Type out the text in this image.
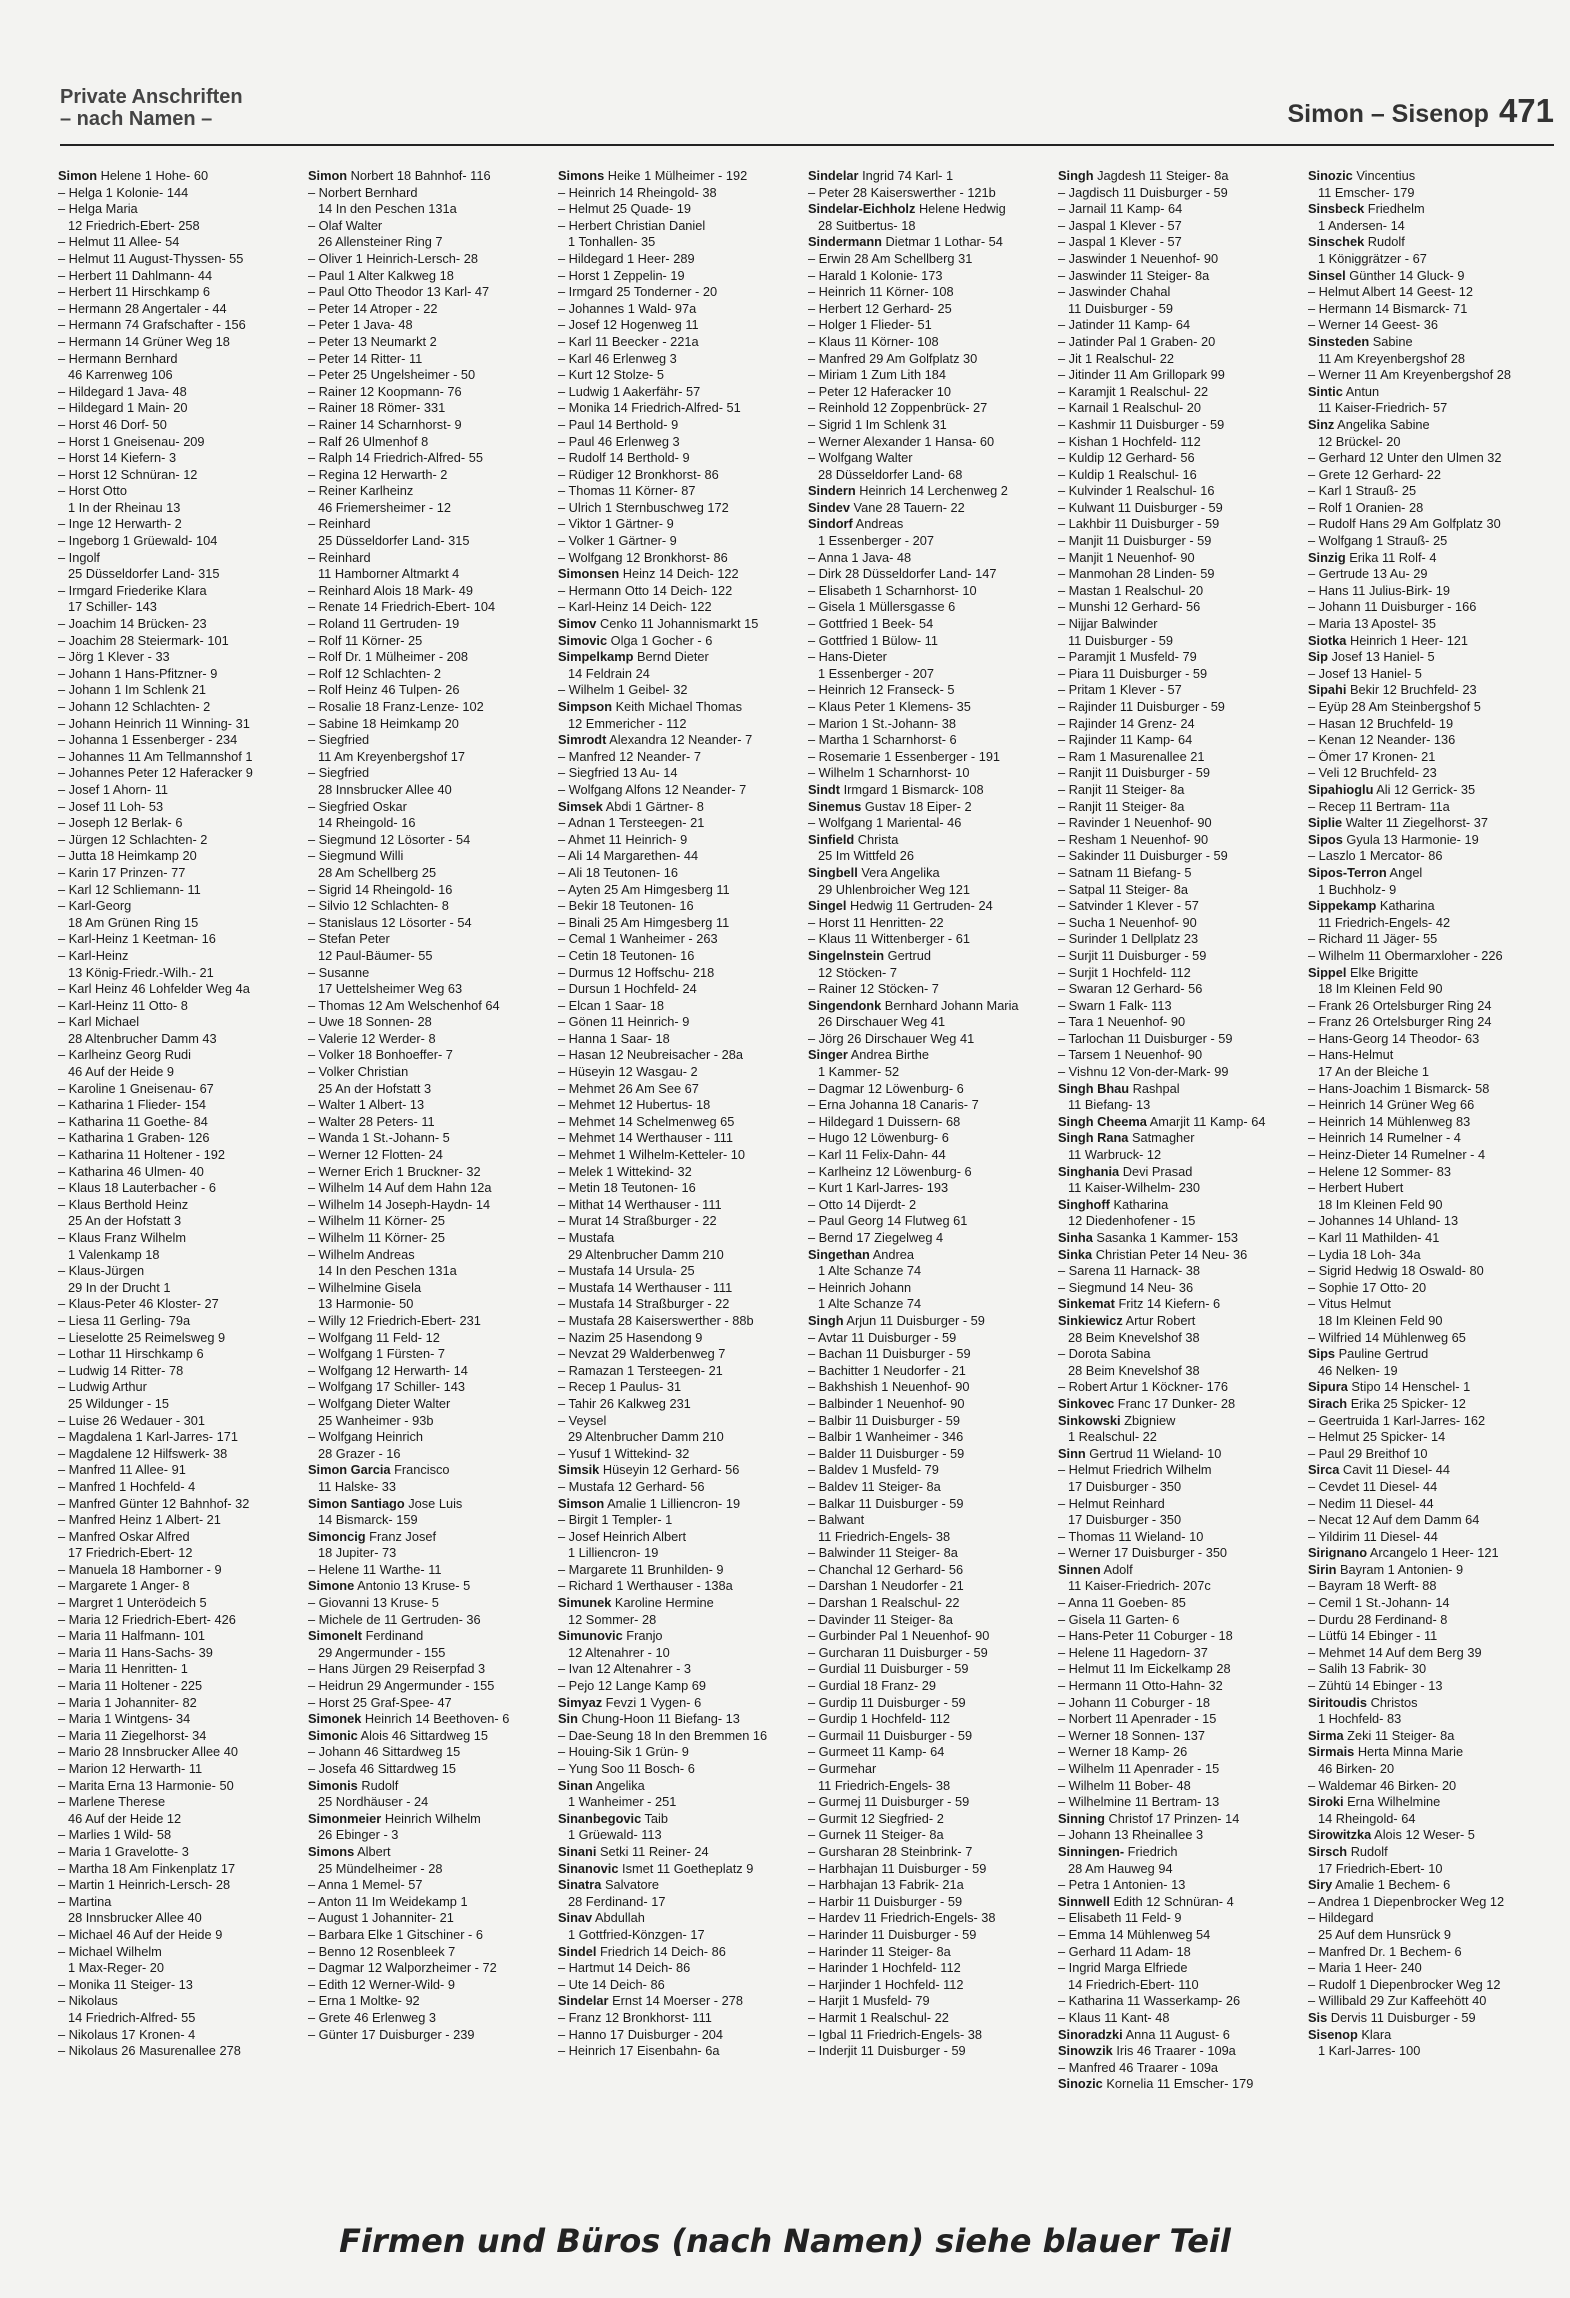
Private Anschriften
– nach Namen –	Simon – Sisenop 471
Simon Helene 1 Hohe- 60
– Helga 1 Kolonie- 144
– Helga Maria
12 Friedrich-Ebert- 258
– Helmut 11 Allee- 54
– Helmut 11 August-Thyssen- 55
– Herbert 11 Dahlmann- 44
– Herbert 11 Hirschkamp 6
– Hermann 28 Angertaler - 44
– Hermann 74 Grafschafter - 156
– Hermann 14 Grüner Weg 18
– Hermann Bernhard
46 Karrenweg 106
– Hildegard 1 Java- 48
– Hildegard 1 Main- 20
– Horst 46 Dorf- 50
– Horst 1 Gneisenau- 209
– Horst 14 Kiefern- 3
– Horst 12 Schnüran- 12
– Horst Otto
1 In der Rheinau 13
– Inge 12 Herwarth- 2
– Ingeborg 1 Grüewald- 104
– Ingolf
25 Düsseldorfer Land- 315
– Irmgard Friederike Klara
17 Schiller- 143
– Joachim 14 Brücken- 23
– Joachim 28 Steiermark- 101
– Jörg 1 Klever - 33
– Johann 1 Hans-Pfitzner- 9
– Johann 1 Im Schlenk 21
– Johann 12 Schlachten- 2
– Johann Heinrich 11 Winning- 31
– Johanna 1 Essenberger - 234
– Johannes 11 Am Tellmannshof 1
– Johannes Peter 12 Haferacker 9
– Josef 1 Ahorn- 11
– Josef 11 Loh- 53
– Joseph 12 Berlak- 6
– Jürgen 12 Schlachten- 2
– Jutta 18 Heimkamp 20
– Karin 17 Prinzen- 77
– Karl 12 Schliemann- 11
– Karl-Georg
18 Am Grünen Ring 15
– Karl-Heinz 1 Keetman- 16
– Karl-Heinz
13 König-Friedr.-Wilh.- 21
– Karl Heinz 46 Lohfelder Weg 4a
– Karl-Heinz 11 Otto- 8
– Karl Michael
28 Altenbrucher Damm 43
– Karlheinz Georg Rudi
46 Auf der Heide 9
– Karoline 1 Gneisenau- 67
– Katharina 1 Flieder- 154
– Katharina 11 Goethe- 84
– Katharina 1 Graben- 126
– Katharina 11 Holtener - 192
– Katharina 46 Ulmen- 40
– Klaus 18 Lauterbacher - 6
– Klaus Berthold Heinz
25 An der Hofstatt 3
– Klaus Franz Wilhelm
1 Valenkamp 18
– Klaus-Jürgen
29 In der Drucht 1
– Klaus-Peter 46 Kloster- 27
– Liesa 11 Gerling- 79a
– Lieselotte 25 Reimelsweg 9
– Lothar 11 Hirschkamp 6
– Ludwig 14 Ritter- 78
– Ludwig Arthur
25 Wildunger - 15
– Luise 26 Wedauer - 301
– Magdalena 1 Karl-Jarres- 171
– Magdalene 12 Hilfswerk- 38
– Manfred 11 Allee- 91
– Manfred 1 Hochfeld- 4
– Manfred Günter 12 Bahnhof- 32
– Manfred Heinz 1 Albert- 21
– Manfred Oskar Alfred
17 Friedrich-Ebert- 12
– Manuela 18 Hamborner - 9
– Margarete 1 Anger- 8
– Margret 1 Unterödeich 5
– Maria 12 Friedrich-Ebert- 426
– Maria 11 Halfmann- 101
– Maria 11 Hans-Sachs- 39
– Maria 11 Henritten- 1
– Maria 11 Holtener - 225
– Maria 1 Johanniter- 82
– Maria 1 Wintgens- 34
– Maria 11 Ziegelhorst- 34
– Mario 28 Innsbrucker Allee 40
– Marion 12 Herwarth- 11
– Marita Erna 13 Harmonie- 50
– Marlene Therese
46 Auf der Heide 12
– Marlies 1 Wild- 58
– Maria 1 Gravelotte- 3
– Martha 18 Am Finkenplatz 17
– Martin 1 Heinrich-Lersch- 28
– Martina
28 Innsbrucker Allee 40
– Michael 46 Auf der Heide 9
– Michael Wilhelm
1 Max-Reger- 20
– Monika 11 Steiger- 13
– Nikolaus
14 Friedrich-Alfred- 55
– Nikolaus 17 Kronen- 4
– Nikolaus 26 Masurenallee 278
Simon Norbert 18 Bahnhof- 116
– Norbert Bernhard
14 In den Peschen 131a
– Olaf Walter
26 Allensteiner Ring 7
– Oliver 1 Heinrich-Lersch- 28
– Paul 1 Alter Kalkweg 18
– Paul Otto Theodor 13 Karl- 47
– Peter 14 Atroper - 22
– Peter 1 Java- 48
– Peter 13 Neumarkt 2
– Peter 14 Ritter- 11
– Peter 25 Ungelsheimer - 50
– Rainer 12 Koopmann- 76
– Rainer 18 Römer- 331
– Rainer 14 Scharnhorst- 9
– Ralf 26 Ulmenhof 8
– Ralph 14 Friedrich-Alfred- 55
– Regina 12 Herwarth- 2
– Reiner Karlheinz
46 Friemersheimer - 12
– Reinhard
25 Düsseldorfer Land- 315
– Reinhard
11 Hamborner Altmarkt 4
– Reinhard Alois 18 Mark- 49
– Renate 14 Friedrich-Ebert- 104
– Roland 11 Gertruden- 19
– Rolf 11 Körner- 25
– Rolf Dr. 1 Mülheimer - 208
– Rolf 12 Schlachten- 2
– Rolf Heinz 46 Tulpen- 26
– Rosalie 18 Franz-Lenze- 102
– Sabine 18 Heimkamp 20
– Siegfried
11 Am Kreyenbergshof 17
– Siegfried
28 Innsbrucker Allee 40
– Siegfried Oskar
14 Rheingold- 16
– Siegmund 12 Lösorter - 54
– Siegmund Willi
28 Am Schellberg 25
– Sigrid 14 Rheingold- 16
– Silvio 12 Schlachten- 8
– Stanislaus 12 Lösorter - 54
– Stefan Peter
12 Paul-Bäumer- 55
– Susanne
17 Uettelsheimer Weg 63
– Thomas 12 Am Welschenhof 64
– Uwe 18 Sonnen- 28
– Valerie 12 Werder- 8
– Volker 18 Bonhoeffer- 7
– Volker Christian
25 An der Hofstatt 3
– Walter 1 Albert- 13
– Walter 28 Peters- 11
– Wanda 1 St.-Johann- 5
– Werner 12 Flotten- 24
– Werner Erich 1 Bruckner- 32
– Wilhelm 14 Auf dem Hahn 12a
– Wilhelm 14 Joseph-Haydn- 14
– Wilhelm 11 Körner- 25
– Wilhelm 11 Körner- 25
– Wilhelm Andreas
14 In den Peschen 131a
– Wilhelmine Gisela
13 Harmonie- 50
– Willy 12 Friedrich-Ebert- 231
– Wolfgang 11 Feld- 12
– Wolfgang 1 Fürsten- 7
– Wolfgang 12 Herwarth- 14
– Wolfgang 17 Schiller- 143
– Wolfgang Dieter Walter
25 Wanheimer - 93b
– Wolfgang Heinrich
28 Grazer - 16
Simon Garcia Francisco
11 Halske- 33
Simon Santiago Jose Luis
14 Bismarck- 159
Simoncig Franz Josef
18 Jupiter- 73
– Helene 11 Warthe- 11
Simone Antonio 13 Kruse- 5
– Giovanni 13 Kruse- 5
– Michele de 11 Gertruden- 36
Simonelt Ferdinand
29 Angermunder - 155
– Hans Jürgen 29 Reiserpfad 3
– Heidrun 29 Angermunder - 155
– Horst 25 Graf-Spee- 47
Simonek Heinrich 14 Beethoven- 6
Simonic Alois 46 Sittardweg 15
– Johann 46 Sittardweg 15
– Josefa 46 Sittardweg 15
Simonis Rudolf
25 Nordhäuser - 24
Simonmeier Heinrich Wilhelm
26 Ebinger - 3
Simons Albert
25 Mündelheimer - 28
– Anna 1 Memel- 57
– Anton 11 Im Weidekamp 1
– August 1 Johanniter- 21
– Barbara Elke 1 Gitschiner - 6
– Benno 12 Rosenbleek 7
– Dagmar 12 Walporzheimer - 72
– Edith 12 Werner-Wild- 9
– Erna 1 Moltke- 92
– Grete 46 Erlenweg 3
– Günter 17 Duisburger - 239
Simons Heike 1 Mülheimer - 192
– Heinrich 14 Rheingold- 38
– Helmut 25 Quade- 19
– Herbert Christian Daniel
1 Tonhallen- 35
– Hildegard 1 Heer- 289
– Horst 1 Zeppelin- 19
– Irmgard 25 Tonderner - 20
– Johannes 1 Wald- 97a
– Josef 12 Hogenweg 11
– Karl 11 Beecker - 221a
– Karl 46 Erlenweg 3
– Kurt 12 Stolze- 5
– Ludwig 1 Aakerfähr- 57
– Monika 14 Friedrich-Alfred- 51
– Paul 14 Berthold- 9
– Paul 46 Erlenweg 3
– Rudolf 14 Berthold- 9
– Rüdiger 12 Bronkhorst- 86
– Thomas 11 Körner- 87
– Ulrich 1 Sternbuschweg 172
– Viktor 1 Gärtner- 9
– Volker 1 Gärtner- 9
– Wolfgang 12 Bronkhorst- 86
Simonsen Heinz 14 Deich- 122
– Hermann Otto 14 Deich- 122
– Karl-Heinz 14 Deich- 122
Simov Cenko 11 Johannismarkt 15
Simovic Olga 1 Gocher - 6
Simpelkamp Bernd Dieter
14 Feldrain 24
– Wilhelm 1 Geibel- 32
Simpson Keith Michael Thomas
12 Emmericher - 112
Simrodt Alexandra 12 Neander- 7
– Manfred 12 Neander- 7
– Siegfried 13 Au- 14
– Wolfgang Alfons 12 Neander- 7
Simsek Abdi 1 Gärtner- 8
– Adnan 1 Tersteegen- 21
– Ahmet 11 Heinrich- 9
– Ali 14 Margarethen- 44
– Ali 18 Teutonen- 16
– Ayten 25 Am Himgesberg 11
– Bekir 18 Teutonen- 16
– Binali 25 Am Himgesberg 11
– Cemal 1 Wanheimer - 263
– Cetin 18 Teutonen- 16
– Durmus 12 Hoffschu- 218
– Dursun 1 Hochfeld- 24
– Elcan 1 Saar- 18
– Gönen 11 Heinrich- 9
– Hanna 1 Saar- 18
– Hasan 12 Neubreisacher - 28a
– Hüseyin 12 Wasgau- 2
– Mehmet 26 Am See 67
– Mehmet 12 Hubertus- 18
– Mehmet 14 Schelmenweg 65
– Mehmet 14 Werthauser - 111
– Mehmet 1 Wilhelm-Ketteler- 10
– Melek 1 Wittekind- 32
– Metin 18 Teutonen- 16
– Mithat 14 Werthauser - 111
– Murat 14 Straßburger - 22
– Mustafa
29 Altenbrucher Damm 210
– Mustafa 14 Ursula- 25
– Mustafa 14 Werthauser - 111
– Mustafa 14 Straßburger - 22
– Mustafa 28 Kaiserswerther - 88b
– Nazim 25 Hasendong 9
– Nevzat 29 Walderbenweg 7
– Ramazan 1 Tersteegen- 21
– Recep 1 Paulus- 31
– Tahir 26 Kalkweg 231
– Veysel
29 Altenbrucher Damm 210
– Yusuf 1 Wittekind- 32
Simsik Hüseyin 12 Gerhard- 56
– Mustafa 12 Gerhard- 56
Simson Amalie 1 Lilliencron- 19
– Birgit 1 Templer- 1
– Josef Heinrich Albert
1 Lilliencron- 19
– Margarete 11 Brunhilden- 9
– Richard 1 Werthauser - 138a
Simunek Karoline Hermine
12 Sommer- 28
Simunovic Franjo
12 Altenahrer - 10
– Ivan 12 Altenahrer - 3
– Pejo 12 Lange Kamp 69
Simyaz Fevzi 1 Vygen- 6
Sin Chung-Hoon 11 Biefang- 13
– Dae-Seung 18 In den Bremmen 16
– Houing-Sik 1 Grün- 9
– Yung Soo 11 Bosch- 6
Sinan Angelika
1 Wanheimer - 251
Sinanbegovic Taib
1 Grüewald- 113
Sinani Setki 11 Reiner- 24
Sinanovic Ismet 11 Goetheplatz 9
Sinatra Salvatore
28 Ferdinand- 17
Sinav Abdullah
1 Gottfried-Könzgen- 17
Sindel Friedrich 14 Deich- 86
– Hartmut 14 Deich- 86
– Ute 14 Deich- 86
Sindelar Ernst 14 Moerser - 278
– Franz 12 Bronkhorst- 111
– Hanno 17 Duisburger - 204
– Heinrich 17 Eisenbahn- 6a
Sindelar Ingrid 74 Karl- 1
– Peter 28 Kaiserswerther - 121b
Sindelar-Eichholz Helene Hedwig
28 Suitbertus- 18
Sindermann Dietmar 1 Lothar- 54
– Erwin 28 Am Schellberg 31
– Harald 1 Kolonie- 173
– Heinrich 11 Körner- 108
– Herbert 12 Gerhard- 25
– Holger 1 Flieder- 51
– Klaus 11 Körner- 108
– Manfred 29 Am Golfplatz 30
– Miriam 1 Zum Lith 184
– Peter 12 Haferacker 10
– Reinhold 12 Zoppenbrück- 27
– Sigrid 1 Im Schlenk 31
– Werner Alexander 1 Hansa- 60
– Wolfgang Walter
28 Düsseldorfer Land- 68
Sindern Heinrich 14 Lerchenweg 2
Sindev Vane 28 Tauern- 22
Sindorf Andreas
1 Essenberger - 207
– Anna 1 Java- 48
– Dirk 28 Düsseldorfer Land- 147
– Elisabeth 1 Scharnhorst- 10
– Gisela 1 Müllersgasse 6
– Gottfried 1 Beek- 54
– Gottfried 1 Bülow- 11
– Hans-Dieter
1 Essenberger - 207
– Heinrich 12 Franseck- 5
– Klaus Peter 1 Klemens- 35
– Marion 1 St.-Johann- 38
– Martha 1 Scharnhorst- 6
– Rosemarie 1 Essenberger - 191
– Wilhelm 1 Scharnhorst- 10
Sindt Irmgard 1 Bismarck- 108
Sinemus Gustav 18 Eiper- 2
– Wolfgang 1 Mariental- 46
Sinfield Christa
25 Im Wittfeld 26
Singbell Vera Angelika
29 Uhlenbroicher Weg 121
Singel Hedwig 11 Gertruden- 24
– Horst 11 Henritten- 22
– Klaus 11 Wittenberger - 61
Singelnstein Gertrud
12 Stöcken- 7
– Rainer 12 Stöcken- 7
Singendonk Bernhard Johann Maria
26 Dirschauer Weg 41
– Jörg 26 Dirschauer Weg 41
Singer Andrea Birthe
1 Kammer- 52
– Dagmar 12 Löwenburg- 6
– Erna Johanna 18 Canaris- 7
– Hildegard 1 Duissern- 68
– Hugo 12 Löwenburg- 6
– Karl 11 Felix-Dahn- 44
– Karlheinz 12 Löwenburg- 6
– Kurt 1 Karl-Jarres- 193
– Otto 14 Dijerdt- 2
– Paul Georg 14 Flutweg 61
– Bernd 17 Ziegelweg 4
Singethan Andrea
1 Alte Schanze 74
– Heinrich Johann
1 Alte Schanze 74
Singh Arjun 11 Duisburger - 59
– Avtar 11 Duisburger - 59
– Bachan 11 Duisburger - 59
– Bachitter 1 Neudorfer - 21
– Bakhshish 1 Neuenhof- 90
– Balbinder 1 Neuenhof- 90
– Balbir 11 Duisburger - 59
– Balbir 1 Wanheimer - 346
– Balder 11 Duisburger - 59
– Baldev 1 Musfeld- 79
– Baldev 11 Steiger- 8a
– Balkar 11 Duisburger - 59
– Balwant
11 Friedrich-Engels- 38
– Balwinder 11 Steiger- 8a
– Chanchal 12 Gerhard- 56
– Darshan 1 Neudorfer - 21
– Darshan 1 Realschul- 22
– Davinder 11 Steiger- 8a
– Gurbinder Pal 1 Neuenhof- 90
– Gurcharan 11 Duisburger - 59
– Gurdial 11 Duisburger - 59
– Gurdial 18 Franz- 29
– Gurdip 11 Duisburger - 59
– Gurdip 1 Hochfeld- 112
– Gurmail 11 Duisburger - 59
– Gurmeet 11 Kamp- 64
– Gurmehar
11 Friedrich-Engels- 38
– Gurmej 11 Duisburger - 59
– Gurmit 12 Siegfried- 2
– Gurnek 11 Steiger- 8a
– Gursharan 28 Steinbrink- 7
– Harbhajan 11 Duisburger - 59
– Harbhajan 13 Fabrik- 21a
– Harbir 11 Duisburger - 59
– Hardev 11 Friedrich-Engels- 38
– Harinder 11 Duisburger - 59
– Harinder 11 Steiger- 8a
– Harinder 1 Hochfeld- 112
– Harjinder 1 Hochfeld- 112
– Harjit 1 Musfeld- 79
– Harmit 1 Realschul- 22
– Igbal 11 Friedrich-Engels- 38
– Inderjit 11 Duisburger - 59
Singh Jagdesh 11 Steiger- 8a
– Jagdisch 11 Duisburger - 59
– Jarnail 11 Kamp- 64
– Jaspal 1 Klever - 57
– Jaspal 1 Klever - 57
– Jaswinder 1 Neuenhof- 90
– Jaswinder 11 Steiger- 8a
– Jaswinder Chahal
11 Duisburger - 59
– Jatinder 11 Kamp- 64
– Jatinder Pal 1 Graben- 20
– Jit 1 Realschul- 22
– Jitinder 11 Am Grillopark 99
– Karamjit 1 Realschul- 22
– Karnail 1 Realschul- 20
– Kashmir 11 Duisburger - 59
– Kishan 1 Hochfeld- 112
– Kuldip 12 Gerhard- 56
– Kuldip 1 Realschul- 16
– Kulvinder 1 Realschul- 16
– Kulwant 11 Duisburger - 59
– Lakhbir 11 Duisburger - 59
– Manjit 11 Duisburger - 59
– Manjit 1 Neuenhof- 90
– Manmohan 28 Linden- 59
– Mastan 1 Realschul- 20
– Munshi 12 Gerhard- 56
– Nijjar Balwinder
11 Duisburger - 59
– Paramjit 1 Musfeld- 79
– Piara 11 Duisburger - 59
– Pritam 1 Klever - 57
– Rajinder 11 Duisburger - 59
– Rajinder 14 Grenz- 24
– Rajinder 11 Kamp- 64
– Ram 1 Masurenallee 21
– Ranjit 11 Duisburger - 59
– Ranjit 11 Steiger- 8a
– Ranjit 11 Steiger- 8a
– Ravinder 1 Neuenhof- 90
– Resham 1 Neuenhof- 90
– Sakinder 11 Duisburger - 59
– Satnam 11 Biefang- 5
– Satpal 11 Steiger- 8a
– Satvinder 1 Klever - 57
– Sucha 1 Neuenhof- 90
– Surinder 1 Dellplatz 23
– Surjit 11 Duisburger - 59
– Surjit 1 Hochfeld- 112
– Swaran 12 Gerhard- 56
– Swarn 1 Falk- 113
– Tara 1 Neuenhof- 90
– Tarlochan 11 Duisburger - 59
– Tarsem 1 Neuenhof- 90
– Vishnu 12 Von-der-Mark- 99
Singh Bhau Rashpal
11 Biefang- 13
Singh Cheema Amarjit 11 Kamp- 64
Singh Rana Satmagher
11 Warbruck- 12
Singhania Devi Prasad
11 Kaiser-Wilhelm- 230
Singhoff Katharina
12 Diedenhofener - 15
Sinha Sasanka 1 Kammer- 153
Sinka Christian Peter 14 Neu- 36
– Sarena 11 Harnack- 38
– Siegmund 14 Neu- 36
Sinkemat Fritz 14 Kiefern- 6
Sinkiewicz Artur Robert
28 Beim Knevelshof 38
– Dorota Sabina
28 Beim Knevelshof 38
– Robert Artur 1 Köckner- 176
Sinkovec Franc 17 Dunker- 28
Sinkowski Zbigniew
1 Realschul- 22
Sinn Gertrud 11 Wieland- 10
– Helmut Friedrich Wilhelm
17 Duisburger - 350
– Helmut Reinhard
17 Duisburger - 350
– Thomas 11 Wieland- 10
– Werner 17 Duisburger - 350
Sinnen Adolf
11 Kaiser-Friedrich- 207c
– Anna 11 Goeben- 85
– Gisela 11 Garten- 6
– Hans-Peter 11 Coburger - 18
– Helene 11 Hagedorn- 37
– Helmut 11 Im Eickelkamp 28
– Hermann 11 Otto-Hahn- 32
– Johann 11 Coburger - 18
– Norbert 11 Apenrader - 15
– Werner 18 Sonnen- 137
– Werner 18 Kamp- 26
– Wilhelm 11 Apenrader - 15
– Wilhelm 11 Bober- 48
– Wilhelmine 11 Bertram- 13
Sinning Christof 17 Prinzen- 14
– Johann 13 Rheinallee 3
Sinningen- Friedrich
28 Am Hauweg 94
– Petra 1 Antonien- 13
Sinnwell Edith 12 Schnüran- 4
– Elisabeth 11 Feld- 9
– Emma 14 Mühlenweg 54
– Gerhard 11 Adam- 18
– Ingrid Marga Elfriede
14 Friedrich-Ebert- 110
– Katharina 11 Wasserkamp- 26
– Klaus 11 Kant- 48
Sinoradzki Anna 11 August- 6
Sinowzik Iris 46 Traarer - 109a
– Manfred 46 Traarer - 109a
Sinozic Kornelia 11 Emscher- 179
Sinozic Vincentius
11 Emscher- 179
Sinsbeck Friedhelm
1 Andersen- 14
Sinschek Rudolf
1 Königgrätzer - 67
Sinsel Günther 14 Gluck- 9
– Helmut Albert 14 Geest- 12
– Hermann 14 Bismarck- 71
– Werner 14 Geest- 36
Sinsteden Sabine
11 Am Kreyenbergshof 28
– Werner 11 Am Kreyenbergshof 28
Sintic Antun
11 Kaiser-Friedrich- 57
Sinz Angelika Sabine
12 Brückel- 20
– Gerhard 12 Unter den Ulmen 32
– Grete 12 Gerhard- 22
– Karl 1 Strauß- 25
– Rolf 1 Oranien- 28
– Rudolf Hans 29 Am Golfplatz 30
– Wolfgang 1 Strauß- 25
Sinzig Erika 11 Rolf- 4
– Gertrude 13 Au- 29
– Hans 11 Julius-Birk- 19
– Johann 11 Duisburger - 166
– Maria 13 Apostel- 35
Siotka Heinrich 1 Heer- 121
Sip Josef 13 Haniel- 5
– Josef 13 Haniel- 5
Sipahi Bekir 12 Bruchfeld- 23
– Eyüp 28 Am Steinbergshof 5
– Hasan 12 Bruchfeld- 19
– Kenan 12 Neander- 136
– Ömer 17 Kronen- 21
– Veli 12 Bruchfeld- 23
Sipahioglu Ali 12 Gerrick- 35
– Recep 11 Bertram- 11a
Siplie Walter 11 Ziegelhorst- 37
Sipos Gyula 13 Harmonie- 19
– Laszlo 1 Mercator- 86
Sipos-Terron Angel
1 Buchholz- 9
Sippekamp Katharina
11 Friedrich-Engels- 42
– Richard 11 Jäger- 55
– Wilhelm 11 Obermarxloher - 226
Sippel Elke Brigitte
18 Im Kleinen Feld 90
– Frank 26 Ortelsburger Ring 24
– Franz 26 Ortelsburger Ring 24
– Hans-Georg 14 Theodor- 63
– Hans-Helmut
17 An der Bleiche 1
– Hans-Joachim 1 Bismarck- 58
– Heinrich 14 Grüner Weg 66
– Heinrich 14 Mühlenweg 83
– Heinrich 14 Rumelner - 4
– Heinz-Dieter 14 Rumelner - 4
– Helene 12 Sommer- 83
– Herbert Hubert
18 Im Kleinen Feld 90
– Johannes 14 Uhland- 13
– Karl 11 Mathilden- 41
– Lydia 18 Loh- 34a
– Sigrid Hedwig 18 Oswald- 80
– Sophie 17 Otto- 20
– Vitus Helmut
18 Im Kleinen Feld 90
– Wilfried 14 Mühlenweg 65
Sips Pauline Gertrud
46 Nelken- 19
Sipura Stipo 14 Henschel- 1
Sirach Erika 25 Spicker- 12
– Geertruida 1 Karl-Jarres- 162
– Helmut 25 Spicker- 14
– Paul 29 Breithof 10
Sirca Cavit 11 Diesel- 44
– Cevdet 11 Diesel- 44
– Nedim 11 Diesel- 44
– Necat 12 Auf dem Damm 64
– Yildirim 11 Diesel- 44
Sirignano Arcangelo 1 Heer- 121
Sirin Bayram 1 Antonien- 9
– Bayram 18 Werft- 88
– Cemil 1 St.-Johann- 14
– Durdu 28 Ferdinand- 8
– Lütfü 14 Ebinger - 11
– Mehmet 14 Auf dem Berg 39
– Salih 13 Fabrik- 30
– Zühtü 14 Ebinger - 13
Siritoudis Christos
1 Hochfeld- 83
Sirma Zeki 11 Steiger- 8a
Sirmais Herta Minna Marie
46 Birken- 20
– Waldemar 46 Birken- 20
Siroki Erna Wilhelmine
14 Rheingold- 64
Sirowitzka Alois 12 Weser- 5
Sirsch Rudolf
17 Friedrich-Ebert- 10
Siry Amalie 1 Bechem- 6
– Andrea 1 Diepenbrocker Weg 12
– Hildegard
25 Auf dem Hunsrück 9
– Manfred Dr. 1 Bechem- 6
– Maria 1 Heer- 240
– Rudolf 1 Diepenbrocker Weg 12
– Willibald 29 Zur Kaffeehött 40
Sis Dervis 11 Duisburger - 59
Sisenop Klara
1 Karl-Jarres- 100
Firmen und Büros (nach Namen) siehe blauer Teil
